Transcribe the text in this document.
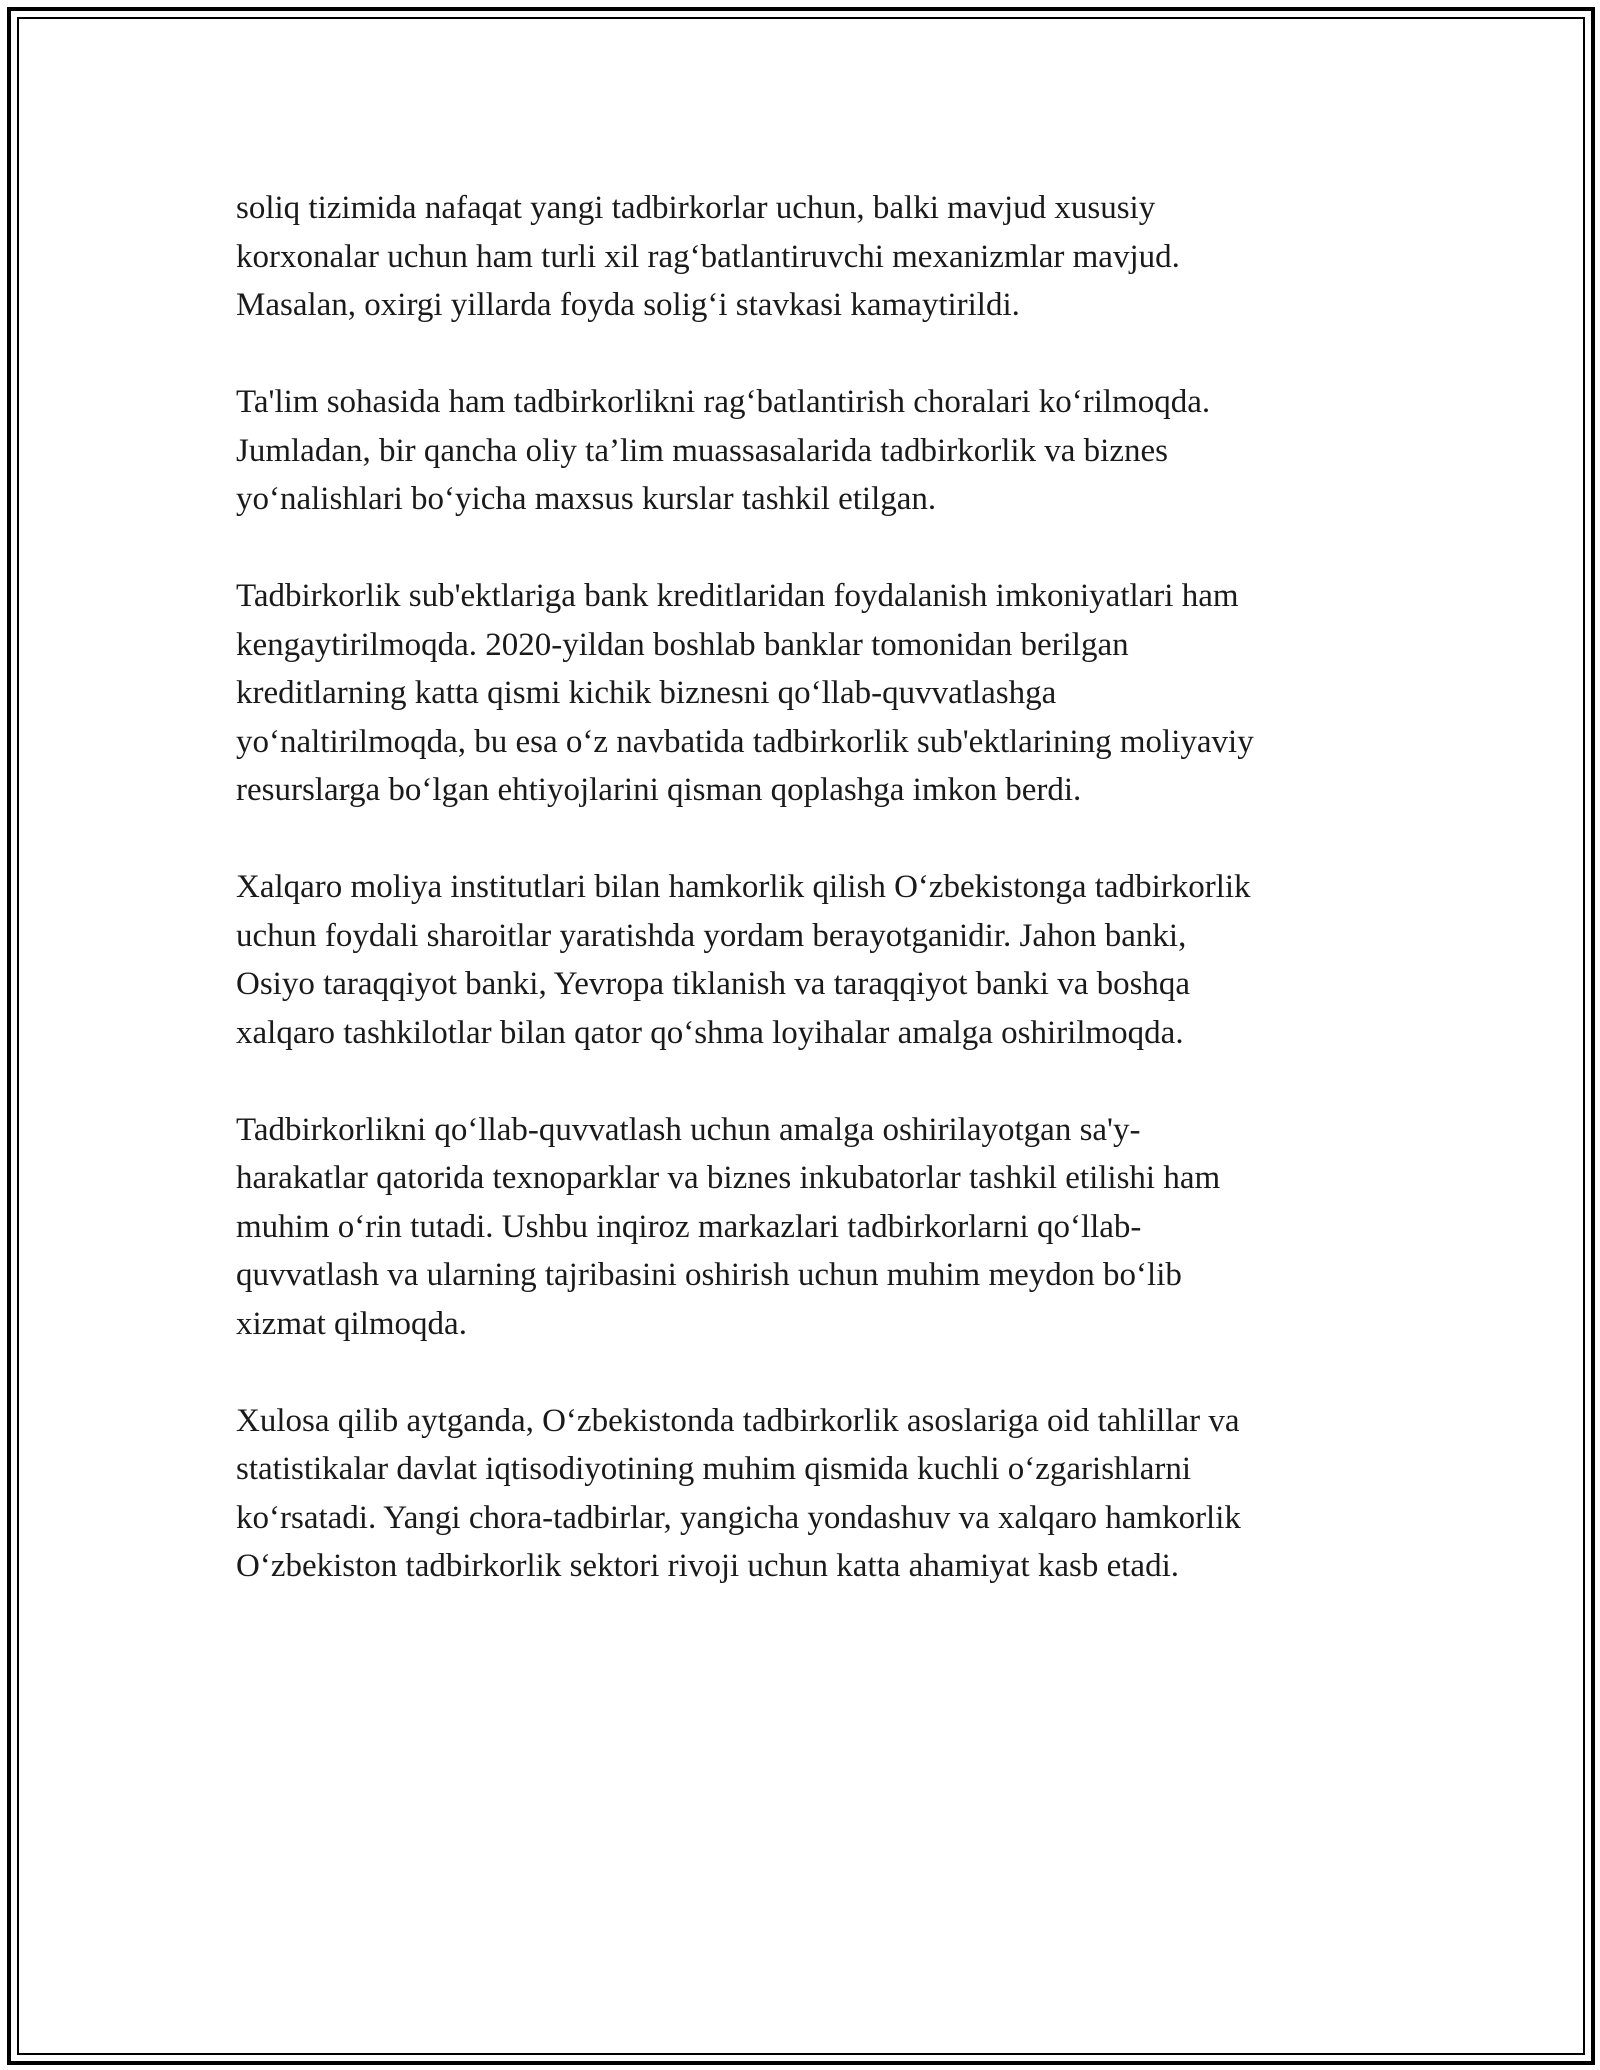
soliq tizimida nafaqat yangi tadbirkorlar uchun, balki mavjud xususiy
korxonalar uchun ham turli xil rag‘batlantiruvchi mexanizmlar mavjud.
Masalan, oxirgi yillarda foyda solig‘i stavkasi kamaytirildi.

Ta'lim sohasida ham tadbirkorlikni rag‘batlantirish choralari ko‘rilmoqda.
Jumladan, bir qancha oliy ta’lim muassasalarida tadbirkorlik va biznes
yo‘nalishlari bo‘yicha maxsus kurslar tashkil etilgan.

Tadbirkorlik sub'ektlariga bank kreditlaridan foydalanish imkoniyatlari ham
kengaytirilmoqda. 2020-yildan boshlab banklar tomonidan berilgan
kreditlarning katta qismi kichik biznesni qo‘llab-quvvatlashga
yo‘naltirilmoqda, bu esa o‘z navbatida tadbirkorlik sub'ektlarining moliyaviy
resurslarga bo‘lgan ehtiyojlarini qisman qoplashga imkon berdi.

Xalqaro moliya institutlari bilan hamkorlik qilish O‘zbekistonga tadbirkorlik
uchun foydali sharoitlar yaratishda yordam berayotganidir. Jahon banki,
Osiyo taraqqiyot banki, Yevropa tiklanish va taraqqiyot banki va boshqa
xalqaro tashkilotlar bilan qator qo‘shma loyihalar amalga oshirilmoqda.

Tadbirkorlikni qo‘llab-quvvatlash uchun amalga oshirilayotgan sa'y-
harakatlar qatorida texnoparklar va biznes inkubatorlar tashkil etilishi ham
muhim o‘rin tutadi. Ushbu inqiroz markazlari tadbirkorlarni qo‘llab-
quvvatlash va ularning tajribasini oshirish uchun muhim meydon bo‘lib
xizmat qilmoqda.

Xulosa qilib aytganda, O‘zbekistonda tadbirkorlik asoslariga oid tahlillar va
statistikalar davlat iqtisodiyotining muhim qismida kuchli o‘zgarishlarni
ko‘rsatadi. Yangi chora-tadbirlar, yangicha yondashuv va xalqaro hamkorlik
O‘zbekiston tadbirkorlik sektori rivoji uchun katta ahamiyat kasb etadi.
